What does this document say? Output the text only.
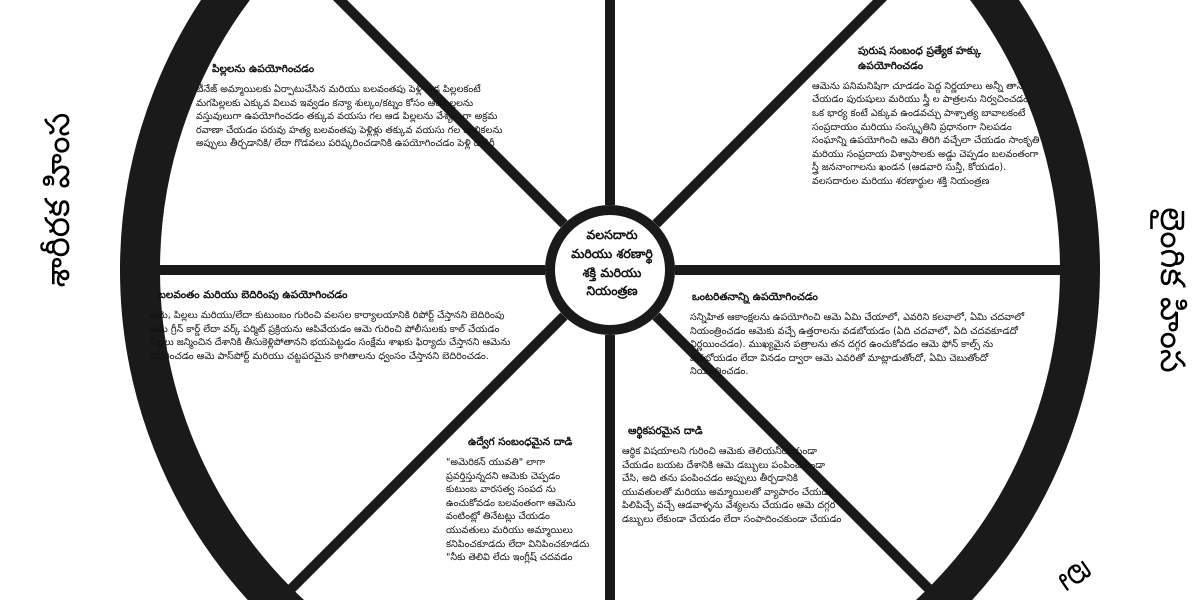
వలసదారు
మరియు శరణార్థి
శక్తి మరియు
నియంత్రణ
శారీరక హింస
లైంగిక హింస
లై
పిల్లలను ఉపయోగించడం
టీనేజ్ అమ్మాయిలకు ఏర్పాటుచేసిన మరియు బలవంతపు పెళ్లి ఆడ పిల్లలకంటే మగపిల్లలకు ఎక్కువ విలువ ఇవ్వడం కన్యా శుల్కం/కట్నం కోసం ఆడపిల్లలను వస్తువులుగా ఉపయోగించడం తక్కువ వయసు గల ఆడ పిల్లలను వేశ్యలుగా అక్రమ రవాణా చేయడం పరువు హత్య బలవంతపు పెళ్లిళ్లు తక్కువ వయసు గల బాలికలను అప్పులు తీర్చడానికి/ లేదా గొడవలు పరిష్కరించడానికి ఉపయోగించడం పెళ్లి దాకిరీ
పురుష సంబంధ ప్రత్యేక హక్కు ఉపయోగించడం
ఆమెను పనిమనిషిగా చూడడం పెద్ద నిర్ణయాలు అన్నీ తానే చేయడం పురుషులు మరియు స్త్రీ ల పాత్రలను నిర్వచించడం. ఒక భార్య కంటే ఎక్కువ ఉండవచ్చు పాశ్చాత్య బావాలకంటే సంప్రదాయం మరియు సంస్కృతిని ప్రధానంగా నిలపడం సంఘాన్ని ఉపయోగించి ఆమె తిరిగి వచ్చేలా చేయడం సాంకృతి మరియు సంప్రదాయ విశ్వాసాలకు అడ్డు చెప్పడం బలవంతంగా స్త్రీ జననాంగాలను ఖండన (ఆడవారి సున్తీ, కోయడం). వలసదారుల మరియు శరణార్థుల శక్తి నియంత్రణ
బలవంతం మరియు బెదిరింపు ఉపయోగించడం
ఆమె, పిల్లలు మరియు/లేదా కుటుంబం గురించి వలసల కార్యాలయానికి రిపోర్ట్ చేస్తానని బెదిరింపు ఆమె గ్రీన్ కార్డ్ లేదా వర్క్ పర్మిట్ ప్రక్రియను ఆపివేయడం ఆమె గురించి పోలీసులకు కాల్ చేయడం పిల్లలు జన్మించిన దేశానికి తీసుకెళ్లిపోతానని భయపెట్టడం సంక్షేమ శాఖకు ఫిర్యాదు చేస్తానని ఆమెను బెదిరించడం ఆమె పాస్‌పోర్ట్ మరియు చట్టపరమైన కాగితాలను ధ్వంసం చేస్తానని బెదిరించడం.
ఒంటరితనాన్ని ఉపయోగించడం
సన్నిహిత ఆకాంక్షలను ఉపయోగించి ఆమె ఏమి చేయాలో, ఎవరిని కలవాలో, ఏమి చదవాలో నియంత్రించడం ఆమెకు వచ్చే ఉత్తరాలను వడబోయడం (ఏది చదవాలో, ఏది చదవకూడదో నిర్ణయించడం). ముఖ్యమైన పత్రాలను తన దగ్గర ఉంచుకోవడం ఆమె ఫోన్ కాల్స్ ను వడబోయడం లేదా వినడం ద్వారా ఆమె ఎవరితో మాట్లాడుతోందో, ఏమి చెబుతోందో నియంత్రించడం.
ఉద్వేగ సంబంధమైన దాడి
"అమెరికన్ యువతి" లాగా ప్రవర్తిస్తున్నదని ఆమెకు చెప్పడం కుటుంబ వారసత్వ సంపద ను ఉంచుకోవడం బలవంతంగా ఆమెను వంటింట్లో తినేటట్లు చేయడం యువతులు మరియు అమ్మాయిలు కనిపించకూడదు లేదా వినిపించకూడదు "నీకు తెలివి లేదు ఇంగ్లీష్ చదవడం
ఆర్థికపరమైన దాడి
ఆర్థిక విషయాలని గురించి ఆమెకు తెలియనీయకుండా చేయడం బయట దేశానికి ఆమె డబ్బులు పంపించకుండా చేసి, అది తను పంపించడం అప్పులు తీర్చడానికి యువతులతో మరియు అమ్మాయిలతో వ్యాపారం చేయడం పిలిపిచ్ఛే వచ్చే ఆడవాళ్ళను వేశ్యలను చేయడం ఆమె దగ్గర డబ్బులు లేకుండా చేయడం లేదా సంపాదించకుండా చేయడం
